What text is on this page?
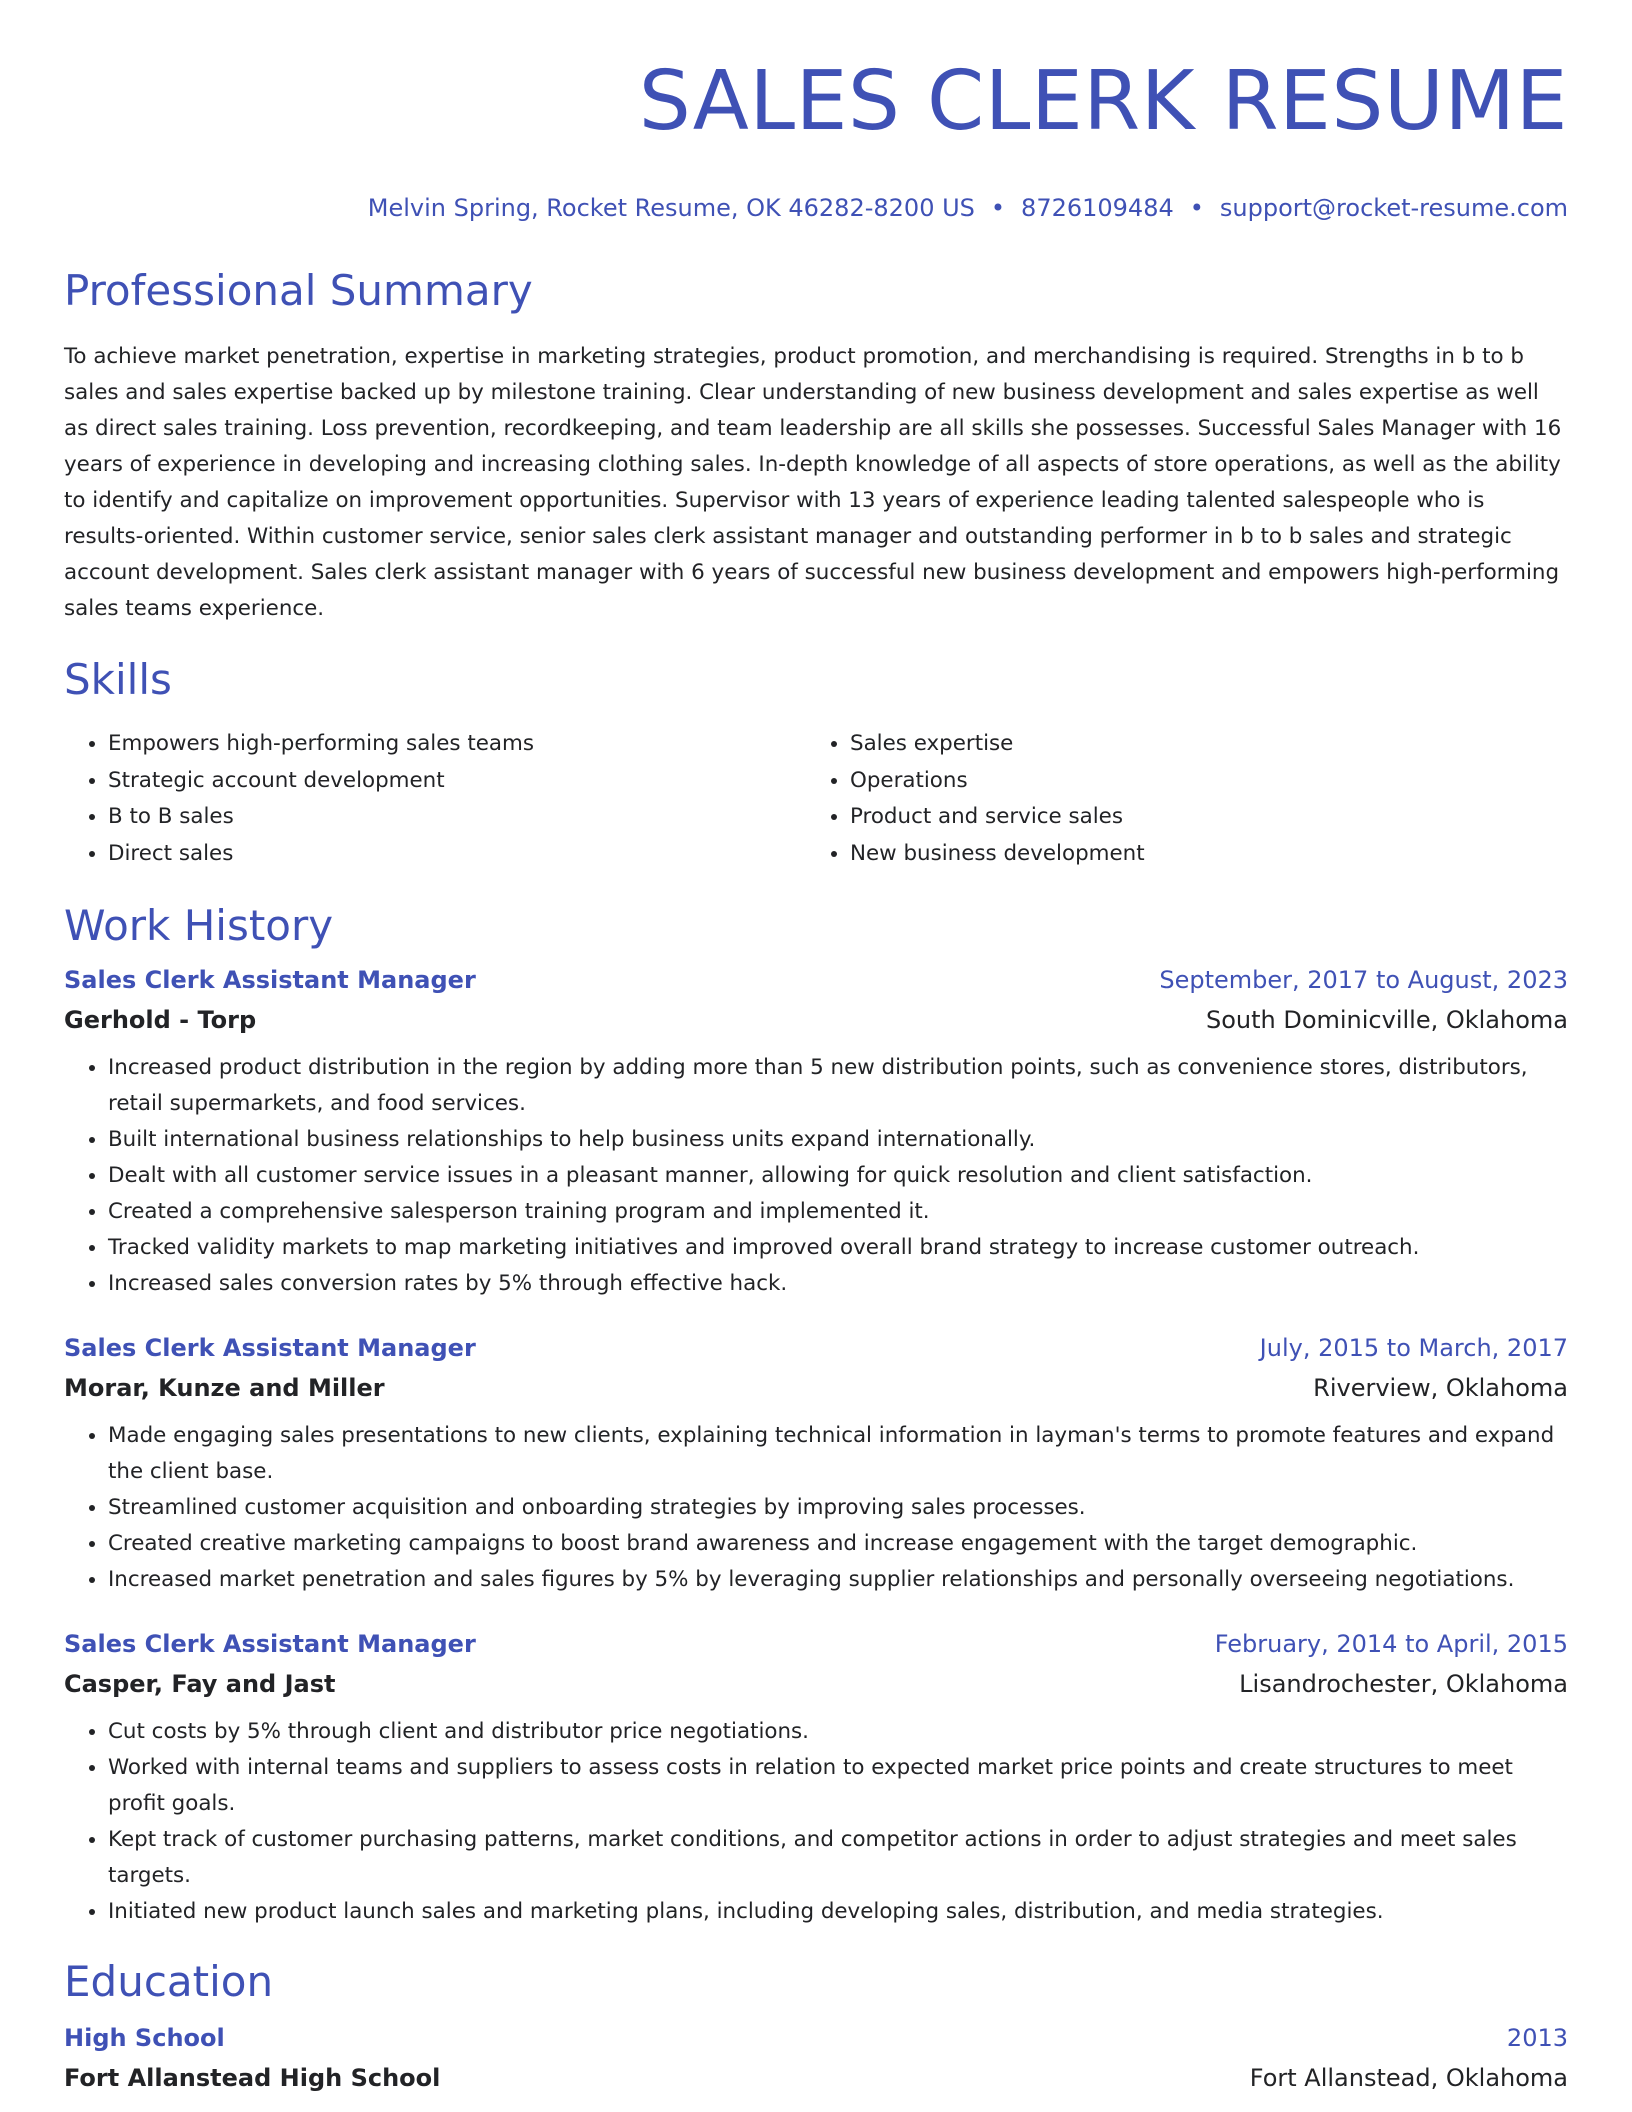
SALES CLERK RESUME
Melvin Spring, Rocket Resume, OK 46282-8200 US • 8726109484 • support@rocket-resume.com
Professional Summary

To achieve market penetration, expertise in marketing strategies, product promotion, and merchandising is required. Strengths in b to b sales and sales expertise backed up by milestone training. Clear understanding of new business development and sales expertise as well as direct sales training. Loss prevention, recordkeeping, and team leadership are all skills she possesses. Successful Sales Manager with 16 years of experience in developing and increasing clothing sales. In-depth knowledge of all aspects of store operations, as well as the ability to identify and capitalize on improvement opportunities. Supervisor with 13 years of experience leading talented salespeople who is results-oriented. Within customer service, senior sales clerk assistant manager and outstanding performer in b to b sales and strategic account development. Sales clerk assistant manager with 6 years of successful new business development and empowers high-performing sales teams experience.

Skills
• Empowers high-performing sales teams
• Strategic account development
• B to B sales
• Direct sales
• Sales expertise
• Operations
• Product and service sales
• New business development
Work History
Sales Clerk Assistant Manager	September, 2017 to August, 2023
Gerhold - Torp	South Dominicville, Oklahoma
• Increased product distribution in the region by adding more than 5 new distribution points, such as convenience stores, distributors, retail supermarkets, and food services.
• Built international business relationships to help business units expand internationally.
• Dealt with all customer service issues in a pleasant manner, allowing for quick resolution and client satisfaction.
• Created a comprehensive salesperson training program and implemented it.
• Tracked validity markets to map marketing initiatives and improved overall brand strategy to increase customer outreach.
• Increased sales conversion rates by 5% through effective hack.
Sales Clerk Assistant Manager	July, 2015 to March, 2017
Morar, Kunze and Miller	Riverview, Oklahoma
• Made engaging sales presentations to new clients, explaining technical information in layman's terms to promote features and expand the client base.
• Streamlined customer acquisition and onboarding strategies by improving sales processes.
• Created creative marketing campaigns to boost brand awareness and increase engagement with the target demographic.
• Increased market penetration and sales figures by 5% by leveraging supplier relationships and personally overseeing negotiations.
Sales Clerk Assistant Manager	February, 2014 to April, 2015
Casper, Fay and Jast	Lisandrochester, Oklahoma
• Cut costs by 5% through client and distributor price negotiations.
• Worked with internal teams and suppliers to assess costs in relation to expected market price points and create structures to meet profit goals.
• Kept track of customer purchasing patterns, market conditions, and competitor actions in order to adjust strategies and meet sales targets.
• Initiated new product launch sales and marketing plans, including developing sales, distribution, and media strategies.
Education
High School	2013
Fort Allanstead High School	Fort Allanstead, Oklahoma
